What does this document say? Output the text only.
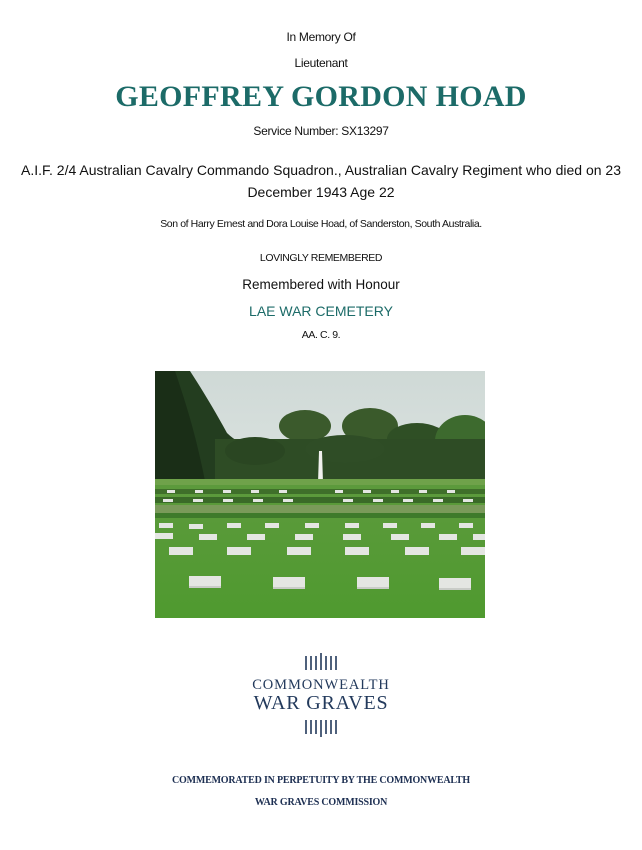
In Memory Of
Lieutenant
GEOFFREY GORDON HOAD
Service Number: SX13297
A.I.F. 2/4 Australian Cavalry Commando Squadron., Australian Cavalry Regiment who died on 23 December 1943 Age 22
Son of Harry Ernest and Dora Louise Hoad, of Sanderston, South Australia.
LOVINGLY REMEMBERED
Remembered with Honour
LAE WAR CEMETERY
AA. C. 9.
COMMONWEALTH
WAR GRAVES
COMMEMORATED IN PERPETUITY BY THE COMMONWEALTH
WAR GRAVES COMMISSION
